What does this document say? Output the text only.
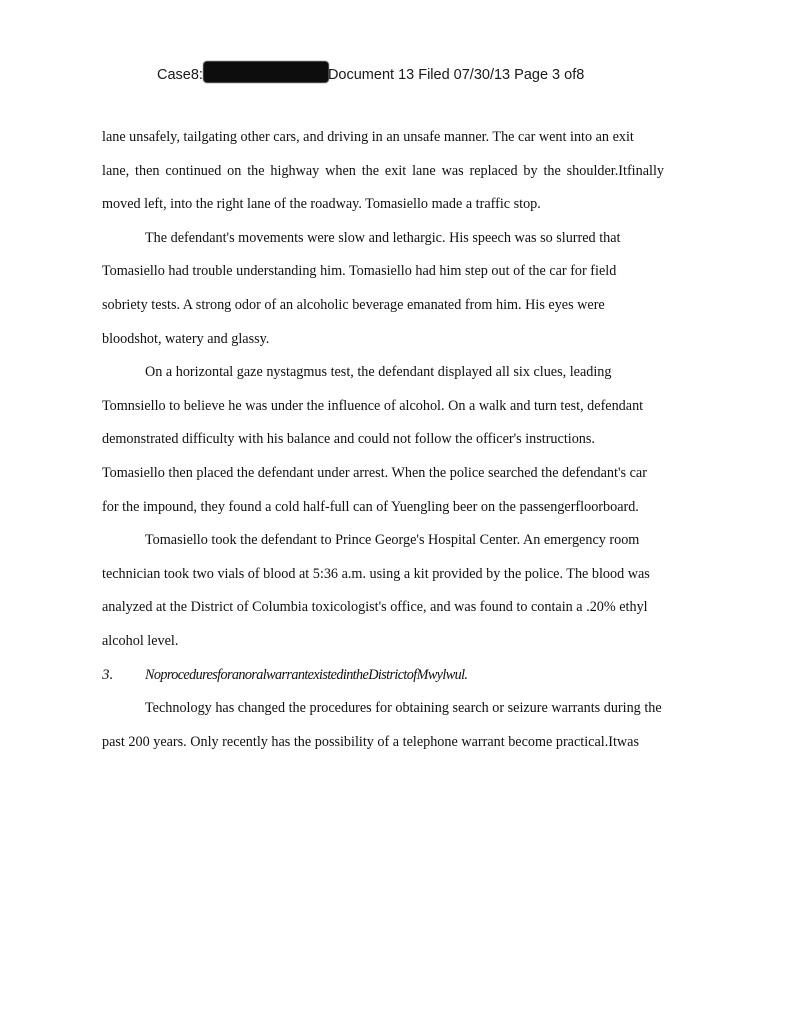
Case8:	Document 13 Filed 07/30/13 Page 3 of8
lane unsafely, tailgating other cars, and driving in an unsafe manner. The car went into an exit
lane, then continued on the highway when the exit lane was replaced by the shoulder.Itfinally
moved left, into the right lane of the roadway. Tomasiello made a traffic stop.
The defendant's movements were slow and lethargic. His speech was so slurred that
Tomasiello had trouble understanding him. Tomasiello had him step out of the car for field
sobriety tests. A strong odor of an alcoholic beverage emanated from him. His eyes were
bloodshot, watery and glassy.
On a horizontal gaze nystagmus test, the defendant displayed all six clues, leading
Tomnsiello to believe he was under the influence of alcohol. On a walk and turn test, defendant
demonstrated difficulty with his balance and could not follow the officer's instructions.
Tomasiello then placed the defendant under arrest. When the police searched the defendant's car
for the impound, they found a cold half-full can of Yuengling beer on the passengerfloorboard.
Tomasiello took the defendant to Prince George's Hospital Center. An emergency room
technician took two vials of blood at 5:36 a.m. using a kit provided by the police. The blood was
analyzed at the District of Columbia toxicologist's office, and was found to contain a .20% ethyl
alcohol level.
3. NoproceduresforanoralwarrantexistedintheDistrictofMwylwul.
Technology has changed the procedures for obtaining search or seizure warrants during the
past 200 years. Only recently has the possibility of a telephone warrant become practical.Itwas
